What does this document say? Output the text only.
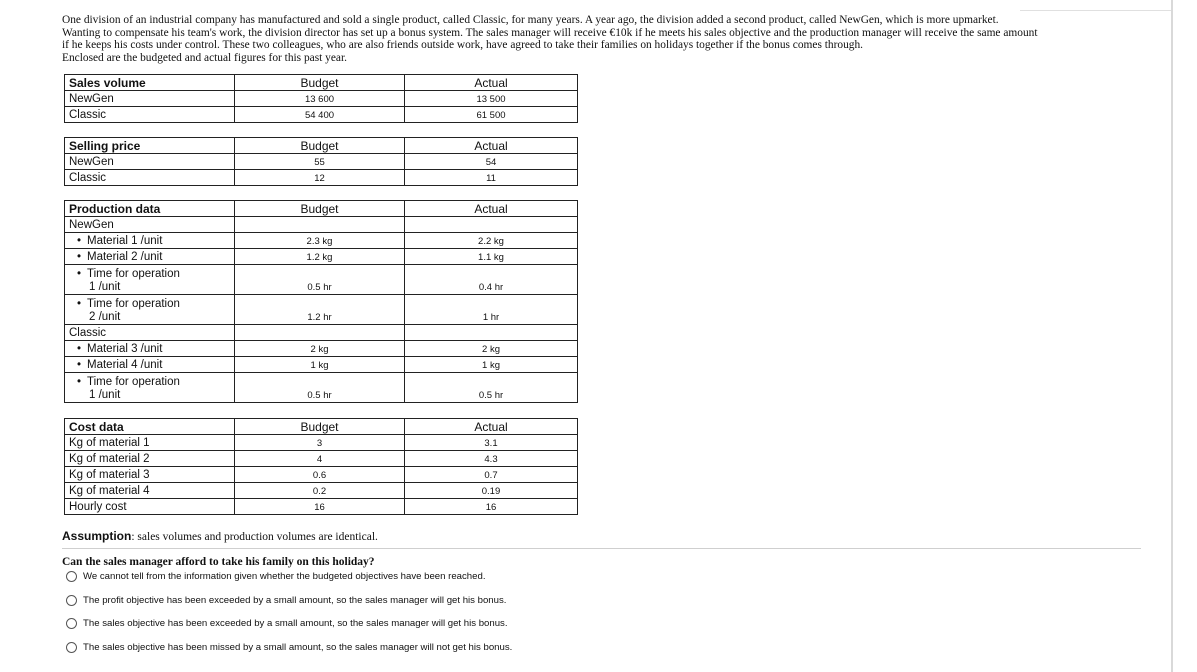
One division of an industrial company has manufactured and sold a single product, called Classic, for many years. A year ago, the division added a second product, called NewGen, which is more upmarket.

Wanting to compensate his team's work, the division director has set up a bonus system. The sales manager will receive €10k if he meets his sales objective and the production manager will receive the same amount

if he keeps his costs under control. These two colleagues, who are also friends outside work, have agreed to take their families on holidays together if the bonus comes through.

Enclosed are the budgeted and actual figures for this past year.

Sales volume	Budget	Actual
NewGen	13 600	13 500
Classic	54 400	61 500
Selling price	Budget	Actual
NewGen	55	54
Classic	12	11
Production data	Budget	Actual
NewGen		
• Material 1 /unit	2.3 kg	2.2 kg
• Material 2 /unit	1.2 kg	1.1 kg
• Time for operation
1 /unit	0.5 hr	0.4 hr
• Time for operation
2 /unit	1.2 hr	1 hr
Classic		
• Material 3 /unit	2 kg	2 kg
• Material 4 /unit	1 kg	1 kg
• Time for operation
1 /unit	0.5 hr	0.5 hr
Cost data	Budget	Actual
Kg of material 1	3	3.1
Kg of material 2	4	4.3
Kg of material 3	0.6	0.7
Kg of material 4	0.2	0.19
Hourly cost	16	16
Assumption: sales volumes and production volumes are identical.
Can the sales manager afford to take his family on this holiday?
We cannot tell from the information given whether the budgeted objectives have been reached.
The profit objective has been exceeded by a small amount, so the sales manager will get his bonus.
The sales objective has been exceeded by a small amount, so the sales manager will get his bonus.
The sales objective has been missed by a small amount, so the sales manager will not get his bonus.
